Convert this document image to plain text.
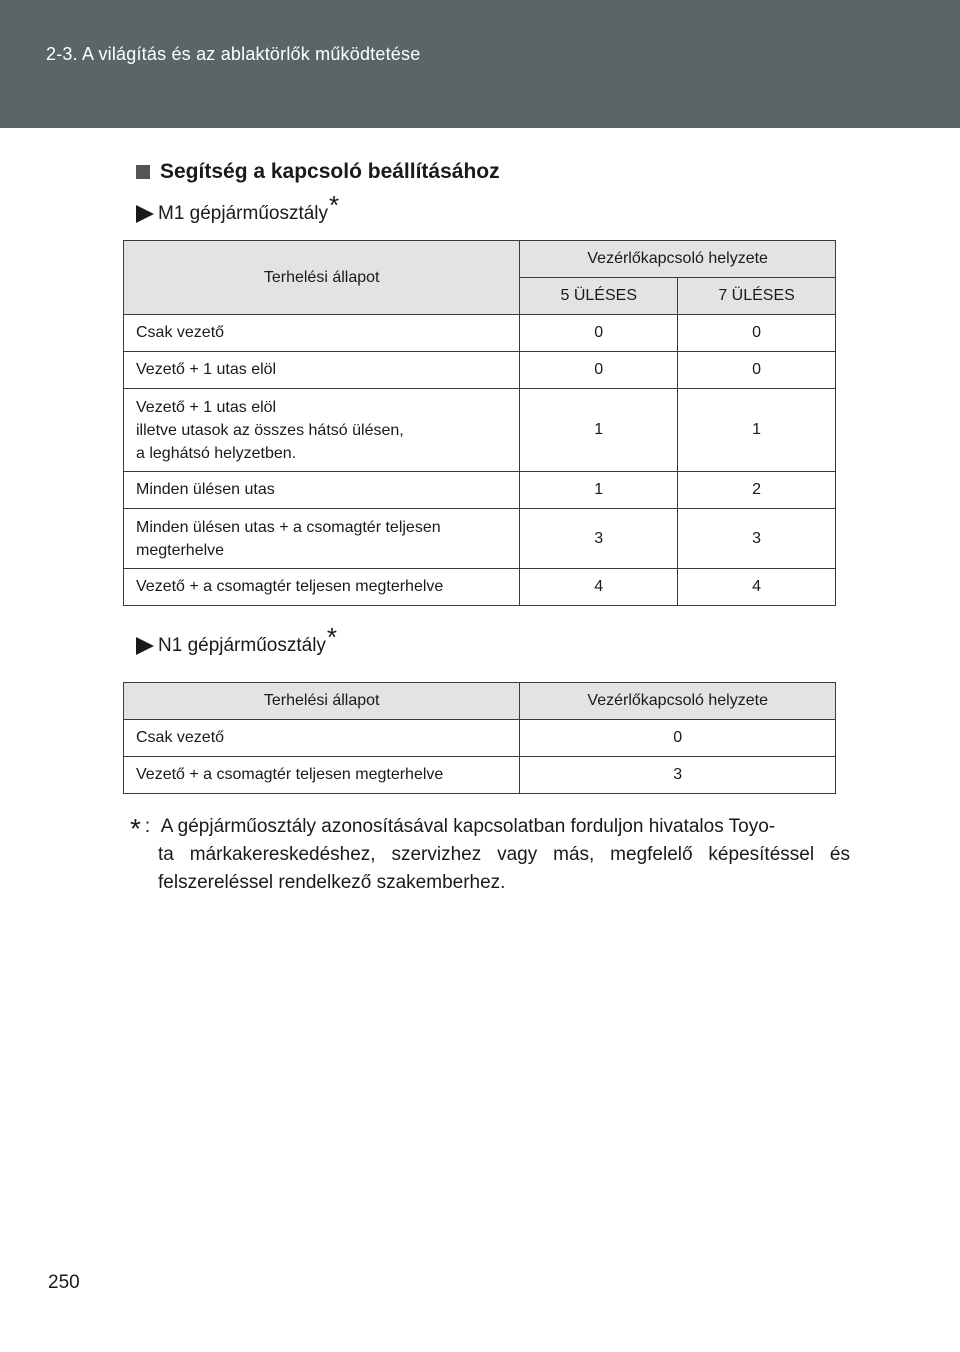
2-3. A világítás és az ablaktörlők működtetése
Segítség a kapcsoló beállításához
M1 gépjárműosztály *
Terhelési állapot	Vezérlőkapcsoló helyzete	
	5 ÜLÉSES	7 ÜLÉSES
Csak vezető	0	0
Vezető + 1 utas elöl	0	0

Vezető + 1 utas elöl
illetve utasok az összes hátsó ülésen,
a leghátsó helyzetben.	1	1
Minden ülésen utas	1	2

Minden ülésen utas + a csomagtér teljesen
megterhelve	3	3
Vezető + a csomagtér teljesen megterhelve	4	4
N1 gépjárműosztály *
Terhelési állapot	Vezérlőkapcsoló helyzete
Csak vezető	0
Vezető + a csomagtér teljesen megterhelve	3
* :
A gépjárműosztály azonosításával kapcsolatban forduljon hivatalos Toyo-
ta márkakereskedéshez, szervizhez vagy más, megfelelő képesítéssel és felszereléssel rendelkező szakemberhez.
250
